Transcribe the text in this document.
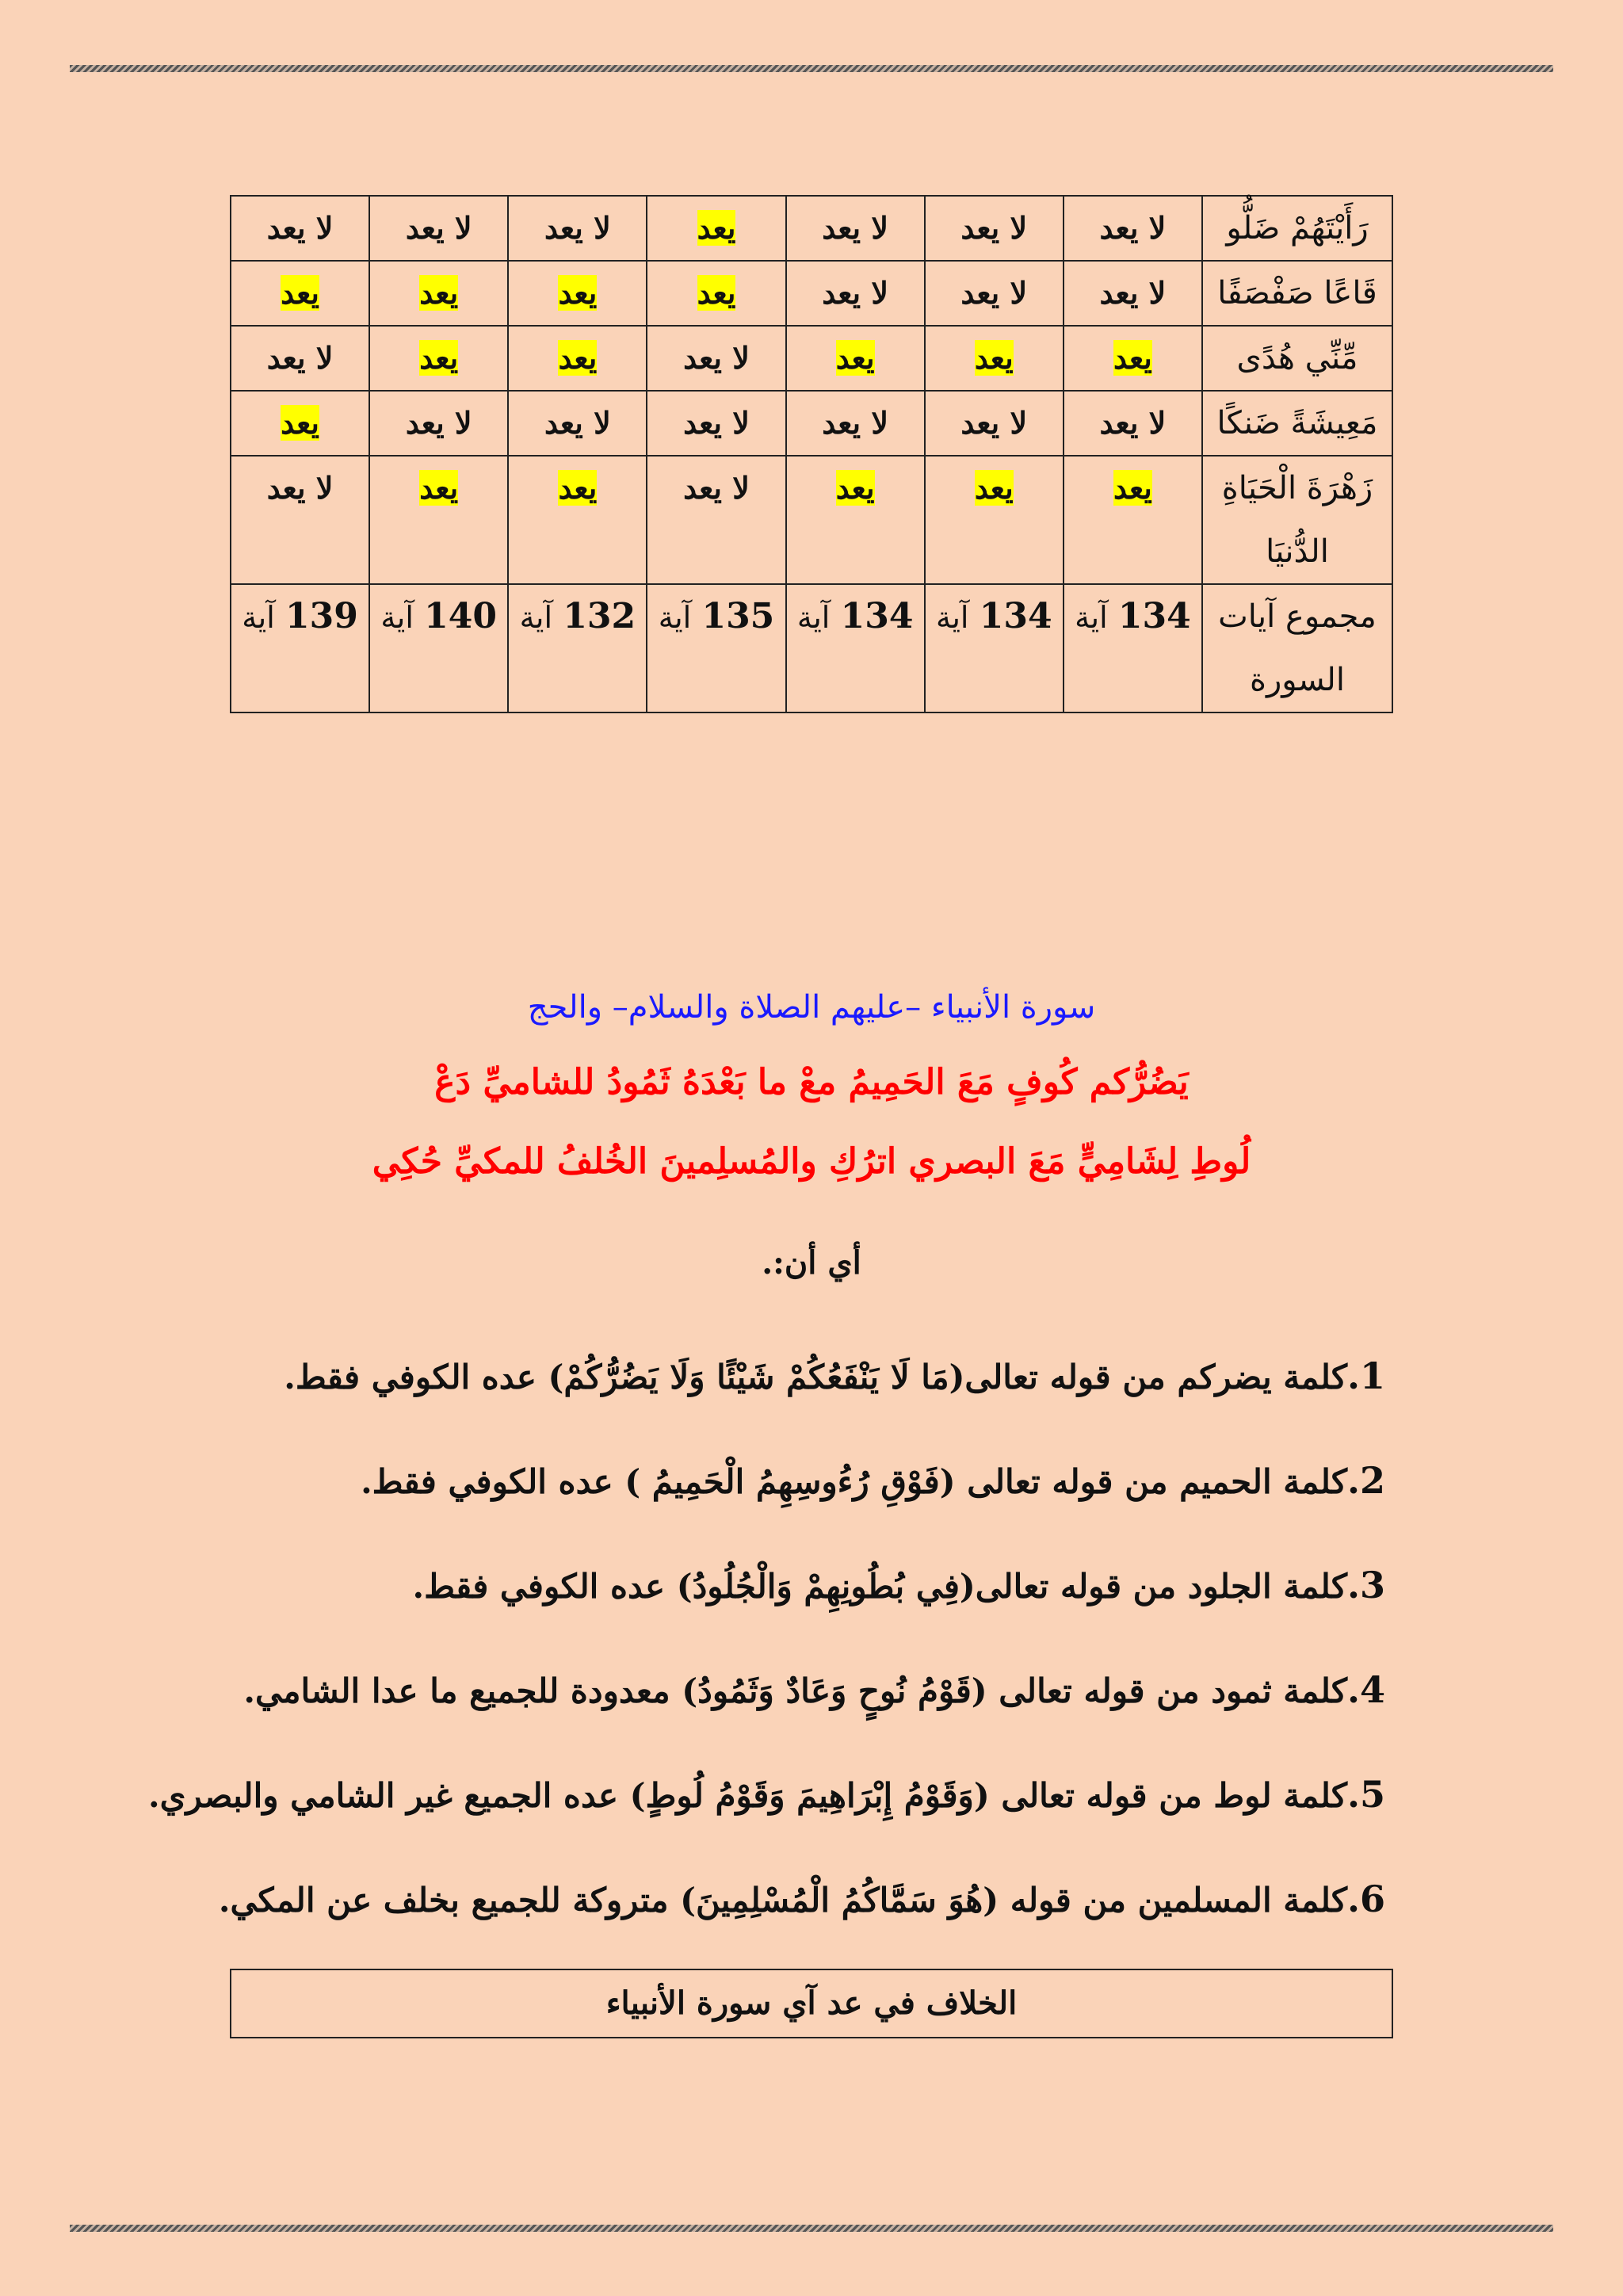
رَأَيْتَهُمْ ضَلُّو	لا يعد	لا يعد	لا يعد	يعد	لا يعد	لا يعد	لا يعد
قَاعًا صَفْصَفًا	لا يعد	لا يعد	لا يعد	يعد	يعد	يعد	يعد
مِّنِّي هُدًى	يعد	يعد	يعد	لا يعد	يعد	يعد	لا يعد
مَعِيشَةً ضَنكًا	لا يعد	لا يعد	لا يعد	لا يعد	لا يعد	لا يعد	يعد
زَهْرَةَ الْحَيَاةِ الدُّنيَا	يعد	يعد	يعد	لا يعد	يعد	يعد	لا يعد
مجموع آيات السورة	134 آية	134 آية	134 آية	135 آية	132 آية	140 آية	139 آية
سورة الأنبياء –عليهم الصلاة والسلام– والحج
يَضُرُّكم كُوفٍ مَعَ الحَمِيمُ معْ ما بَعْدَهُ ثَمُودُ للشاميِّ دَعْ
لُوطِ لِشَامِيٍّ مَعَ البصري اترُكِ والمُسلِمينَ الخُلفُ للمكيِّ حُكِي
أي أن:.
1.كلمة يضركم من قوله تعالى(مَا لَا يَنْفَعُكُمْ شَيْئًا وَلَا يَضُرُّكُمْ) عده الكوفي فقط.
2.كلمة الحميم من قوله تعالى (فَوْقِ رُءُوسِهِمُ الْحَمِيمُ ) عده الكوفي فقط.
3.كلمة الجلود من قوله تعالى(فِي بُطُونِهِمْ وَالْجُلُودُ) عده الكوفي فقط.
4.كلمة ثمود من قوله تعالى (قَوْمُ نُوحٍ وَعَادٌ وَثَمُودُ) معدودة للجميع ما عدا الشامي.
5.كلمة لوط من قوله تعالى (وَقَوْمُ إِبْرَاهِيمَ وَقَوْمُ لُوطٍ) عده الجميع غير الشامي والبصري.
6.كلمة المسلمين من قوله (هُوَ سَمَّاكُمُ الْمُسْلِمِينَ) متروكة للجميع بخلف عن المكي.
الخلاف في عد آي سورة الأنبياء
